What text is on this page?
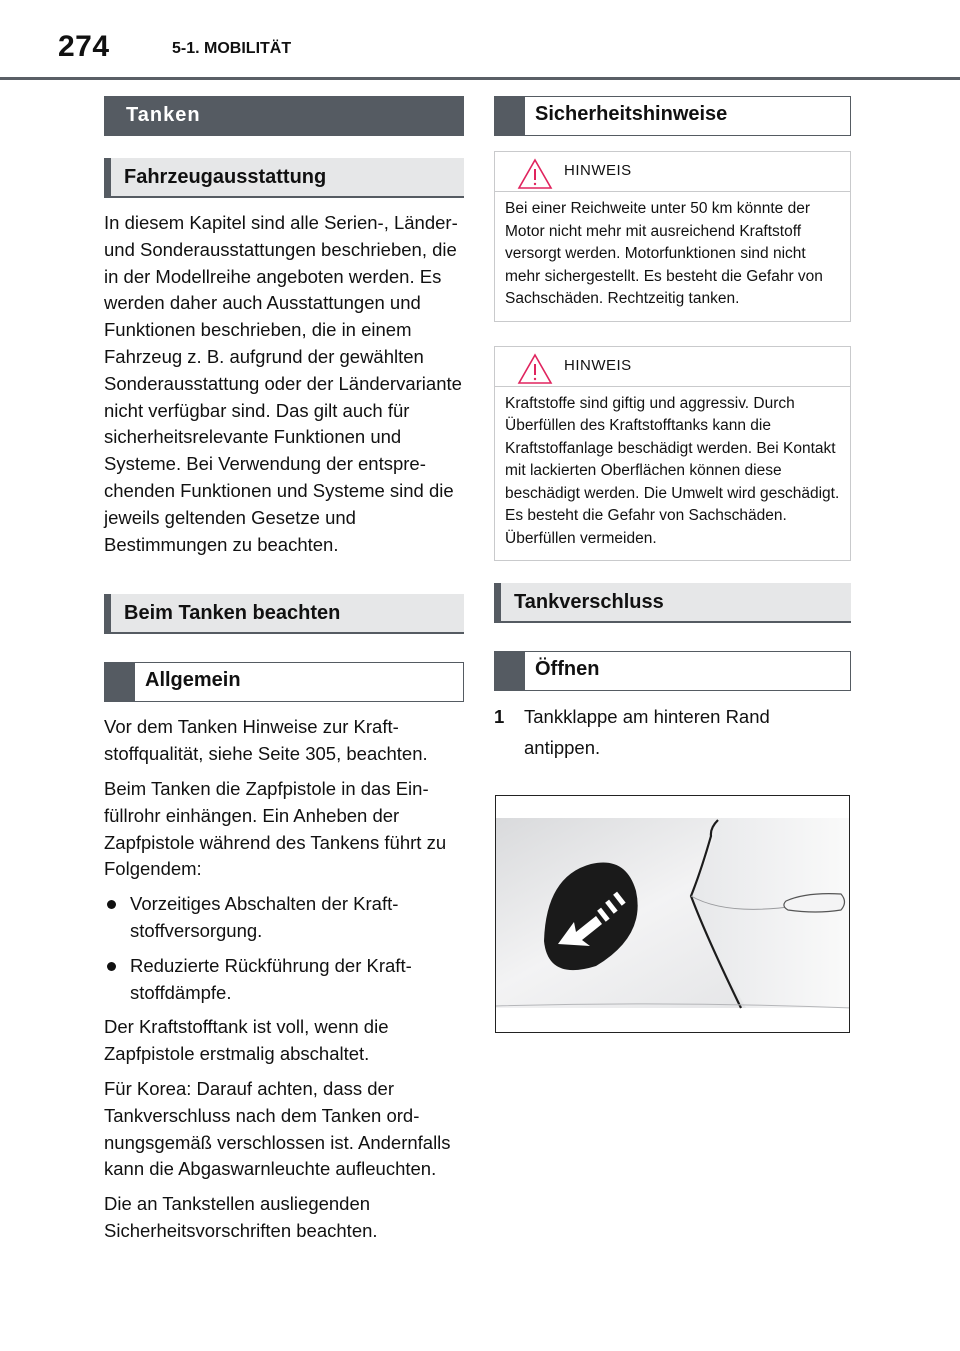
274	5-1. MOBILITÄT
Tanken
Fahrzeugausstattung

In diesem Kapitel sind alle Serien-, Länder- und Sonderausstattungen beschrieben, die in der Modellreihe angeboten werden. Es werden daher auch Ausstattungen und Funktionen beschrieben, die in einem Fahrzeug z. B. aufgrund der gewählten Sonderausstattung oder der Ländervariante nicht verfügbar sind. Das gilt auch für sicherheitsrelevante Funktionen und Systeme. Bei Verwendung der entsprechenden Funktionen und Systeme sind die jeweils geltenden Gesetze und Bestimmungen zu beachten.

Beim Tanken beachten
Allgemein

Vor dem Tanken Hinweise zur Kraftstoffqualität, siehe Seite 305, beachten.

Beim Tanken die Zapfpistole in das Einfüllrohr einhängen. Ein Anheben der Zapfpistole während des Tankens führt zu Folgendem:

Vorzeitiges Abschalten der Kraftstoffversorgung.
Reduzierte Rückführung der Kraftstoffdämpfe.

Der Kraftstofftank ist voll, wenn die Zapfpistole erstmalig abschaltet.

Für Korea: Darauf achten, dass der Tankverschluss nach dem Tanken ordnungsgemäß verschlossen ist. Andernfalls kann die Abgaswarnleuchte aufleuchten.

Die an Tankstellen ausliegenden Sicherheitsvorschriften beachten.

Sicherheitshinweise
HINWEIS
Bei einer Reichweite unter 50 km könnte der Motor nicht mehr mit ausreichend Kraftstoff versorgt werden. Motorfunktionen sind nicht mehr sichergestellt. Es besteht die Gefahr von Sachschäden. Rechtzeitig tanken.
HINWEIS
Kraftstoffe sind giftig und aggressiv. Durch Überfüllen des Kraftstofftanks kann die Kraftstoffanlage beschädigt werden. Bei Kontakt mit lackierten Oberflächen können diese beschädigt werden. Die Umwelt wird geschädigt. Es besteht die Gefahr von Sachschäden. Überfüllen vermeiden.
Tankverschluss
Öffnen
1 Tankklappe am hinteren Rand antippen.
